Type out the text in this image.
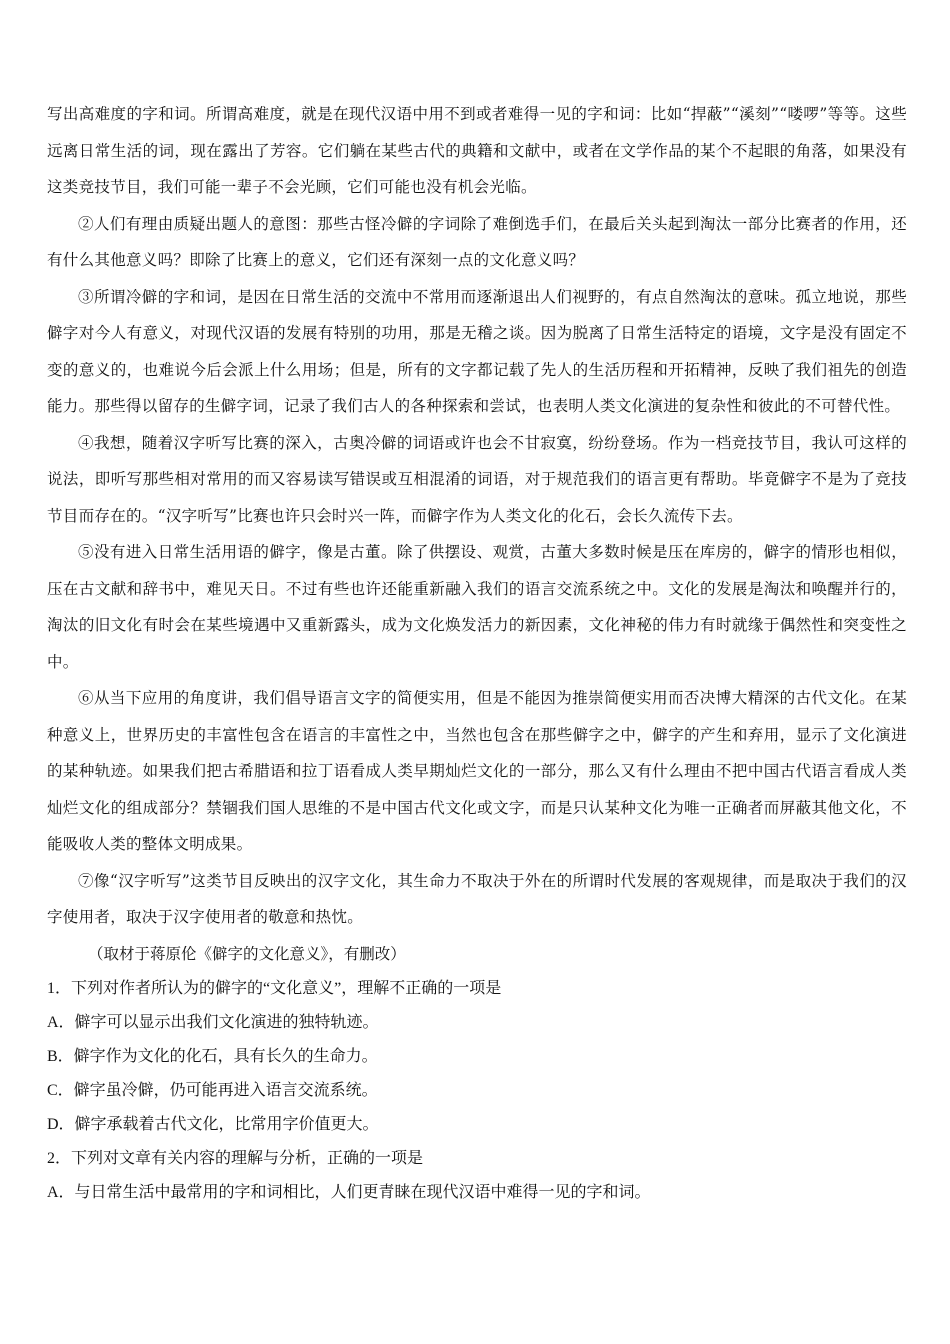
写出高难度的字和词。所谓高难度，就是在现代汉语中用不到或者难得一见的字和词：比如“捍蔽”“溪刻”“喽啰”等等。这些远离日常生活的词，现在露出了芳容。它们躺在某些古代的典籍和文献中，或者在文学作品的某个不起眼的角落，如果没有这类竞技节目，我们可能一辈子不会光顾，它们可能也没有机会光临。

②人们有理由质疑出题人的意图：那些古怪冷僻的字词除了难倒选手们，在最后关头起到淘汰一部分比赛者的作用，还有什么其他意义吗？即除了比赛上的意义，它们还有深刻一点的文化意义吗？

③所谓冷僻的字和词，是因在日常生活的交流中不常用而逐渐退出人们视野的，有点自然淘汰的意味。孤立地说，那些僻字对今人有意义，对现代汉语的发展有特别的功用，那是无稽之谈。因为脱离了日常生活特定的语境，文字是没有固定不变的意义的，也难说今后会派上什么用场；但是，所有的文字都记载了先人的生活历程和开拓精神，反映了我们祖先的创造能力。那些得以留存的生僻字词，记录了我们古人的各种探索和尝试，也表明人类文化演进的复杂性和彼此的不可替代性。

④我想，随着汉字听写比赛的深入，古奥冷僻的词语或许也会不甘寂寞，纷纷登场。作为一档竞技节目，我认可这样的说法，即听写那些相对常用的而又容易读写错误或互相混淆的词语，对于规范我们的语言更有帮助。毕竟僻字不是为了竞技节目而存在的。“汉字听写”比赛也许只会时兴一阵，而僻字作为人类文化的化石，会长久流传下去。

⑤没有进入日常生活用语的僻字，像是古董。除了供摆设、观赏，古董大多数时候是压在库房的，僻字的情形也相似，压在古文献和辞书中，难见天日。不过有些也许还能重新融入我们的语言交流系统之中。文化的发展是淘汰和唤醒并行的，淘汰的旧文化有时会在某些境遇中又重新露头，成为文化焕发活力的新因素，文化神秘的伟力有时就缘于偶然性和突变性之中。

⑥从当下应用的角度讲，我们倡导语言文字的简便实用，但是不能因为推崇简便实用而否决博大精深的古代文化。在某种意义上，世界历史的丰富性包含在语言的丰富性之中，当然也包含在那些僻字之中，僻字的产生和弃用，显示了文化演进的某种轨迹。如果我们把古希腊语和拉丁语看成人类早期灿烂文化的一部分，那么又有什么理由不把中国古代语言看成人类灿烂文化的组成部分？禁锢我们国人思维的不是中国古代文化或文字，而是只认某种文化为唯一正确者而屏蔽其他文化，不能吸收人类的整体文明成果。

⑦像“汉字听写”这类节目反映出的汉字文化，其生命力不取决于外在的所谓时代发展的客观规律，而是取决于我们的汉字使用者，取决于汉字使用者的敬意和热忱。

（取材于蒋原伦《僻字的文化意义》，有删改）

1．下列对作者所认为的僻字的“文化意义”，理解不正确的一项是

A．僻字可以显示出我们文化演进的独特轨迹。

B．僻字作为文化的化石，具有长久的生命力。

C．僻字虽冷僻，仍可能再进入语言交流系统。

D．僻字承载着古代文化，比常用字价值更大。

2．下列对文章有关内容的理解与分析，正确的一项是

A．与日常生活中最常用的字和词相比，人们更青睐在现代汉语中难得一见的字和词。
